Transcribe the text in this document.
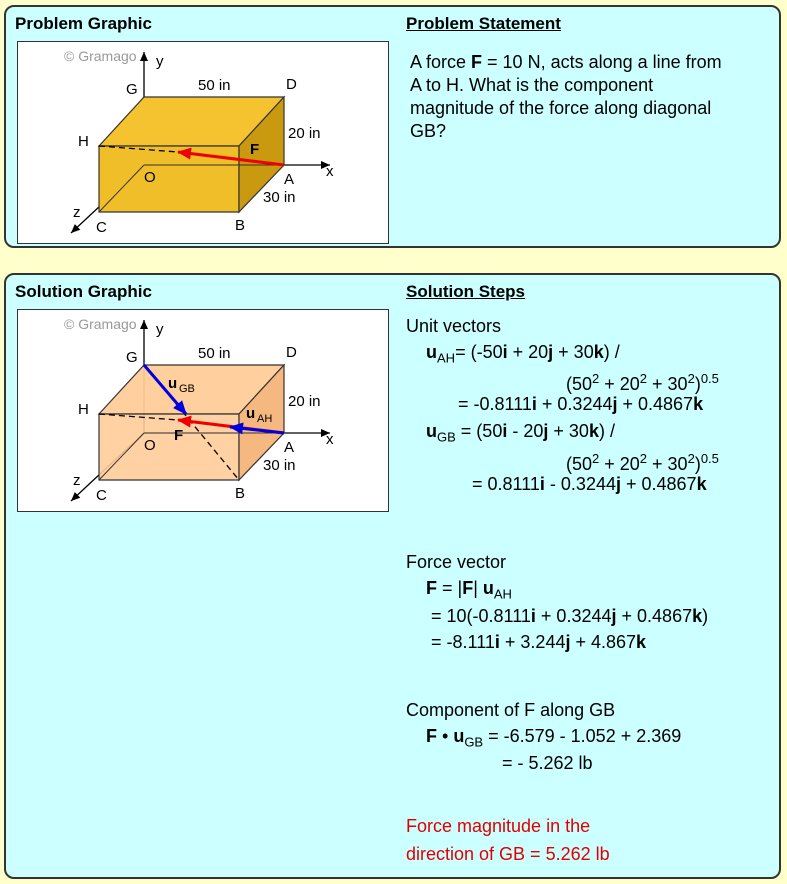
Problem Graphic	Problem Statement
© Gramago y
G	50 in	D
H	20 in
F
O	A x
30 in
z
C	B
A force F = 10 N, acts along a line from
A to H. What is the component
magnitude of the force along diagonal
GB?
Solution Graphic	Solution Steps
© Gramago y
G	50 in	D
H	20 in
u GB
u AH
F
O	A x
30 in
z
C	B
Unit vectors
$u_{AH}= (-50i + 20j + 30k)$ /
$(50^2 + 20^2 + 30^2)^{0.5}$
= -0.8111i + 0.3244j + 0.4867k
$u_{GB} = (50i - 20j + 30k)$ /
$(50^2 + 20^2 + 30^2)^{0.5}$
= 0.8111i - 0.3244j + 0.4867k
Force vector
F = |F| $u_{AH}$
= 10(-0.8111i + 0.3244j + 0.4867k)
= -8.111i + 3.244j + 4.867k
Component of F along GB
F • $u_{GB} = -6.579 - 1.052 + 2.369$
= - 5.262 lb
Force magnitude in the
direction of GB = 5.262 lb
